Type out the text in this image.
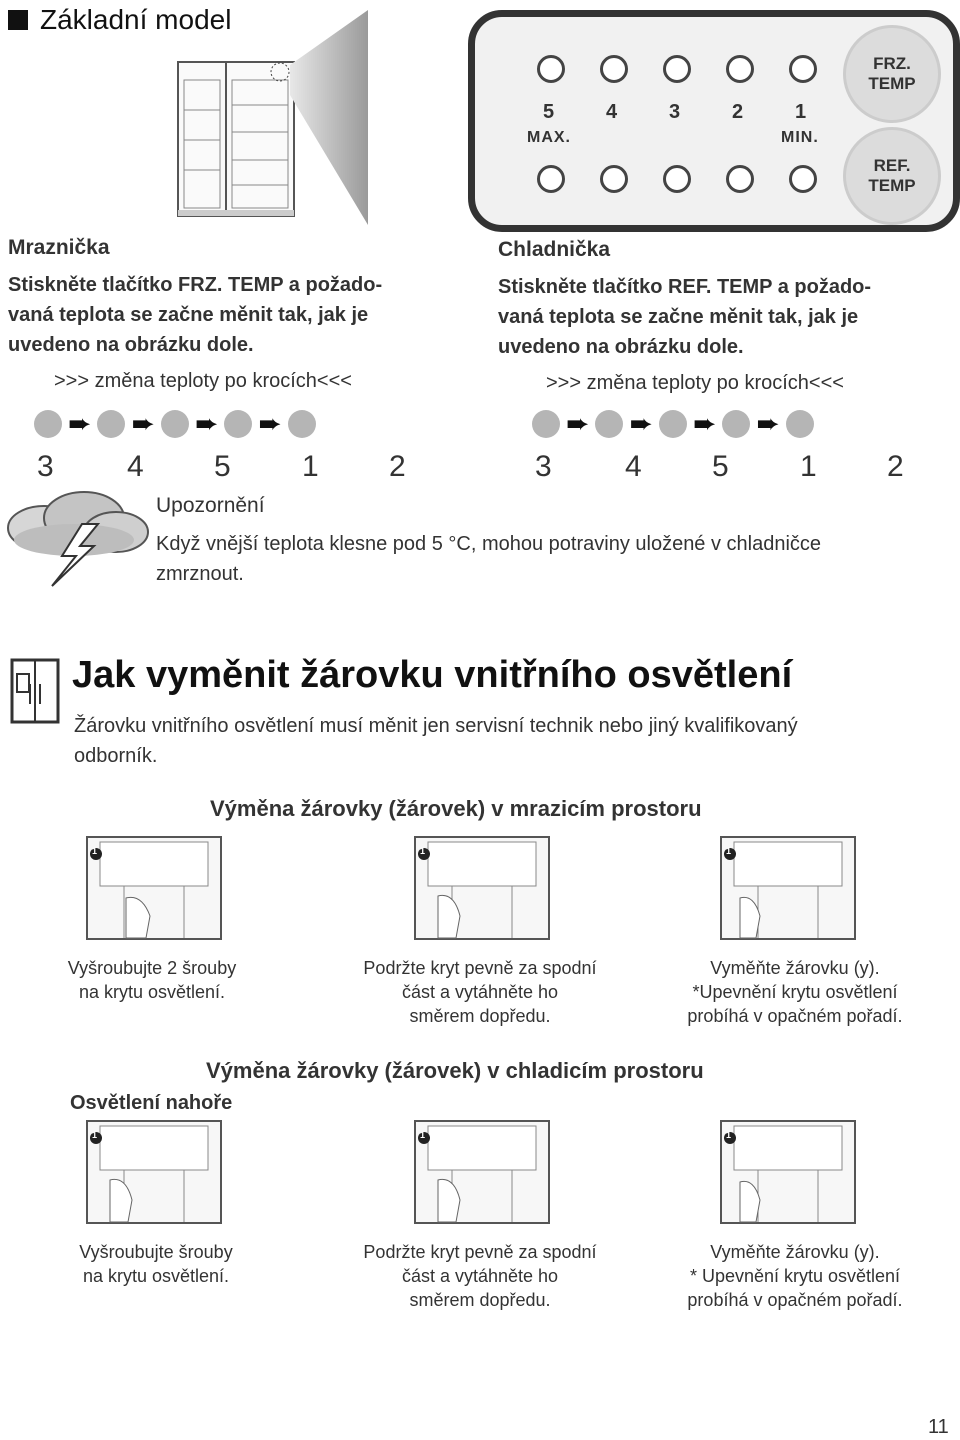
Základní model
5	4	3	2	1
MAX.	MIN.
FRZ.
TEMP
REF.
TEMP
Mraznička
Stiskněte tlačítko FRZ. TEMP a požado-
vaná teplota se začne měnit tak, jak je
uvedeno na obrázku dole.
>>> změna teploty po krocích<<<
Chladnička
Stiskněte tlačítko REF. TEMP a požado-
vaná teplota se začne měnit tak, jak je
uvedeno na obrázku dole.
>>> změna teploty po krocích<<<
➨ ➨ ➨ ➨
3 4 5 1 2
➨ ➨ ➨ ➨
3 4 5 1 2
Upozornění
Když vnější teplota klesne pod 5 °C, mohou potraviny uložené v chladničce
zmrznout.
Jak vyměnit žárovku vnitřního osvětlení
Žárovku vnitřního osvětlení musí měnit jen servisní technik nebo jiný kvalifikovaný
odborník.
Výměna žárovky (žárovek) v mrazicím prostoru
1	1	1
Vyšroubujte 2 šrouby
na krytu osvětlení.
Podržte kryt pevně za spodní
část a vytáhněte ho
směrem dopředu.
Vyměňte žárovku (y).
*Upevnění krytu osvětlení
probíhá v opačném pořadí.
Výměna žárovky (žárovek) v chladicím prostoru
Osvětlení nahoře
1	1	1
Vyšroubujte šrouby
na krytu osvětlení.
Podržte kryt pevně za spodní
část a vytáhněte ho
směrem dopředu.
Vyměňte žárovku (y).
* Upevnění krytu osvětlení
probíhá v opačném pořadí.
11
